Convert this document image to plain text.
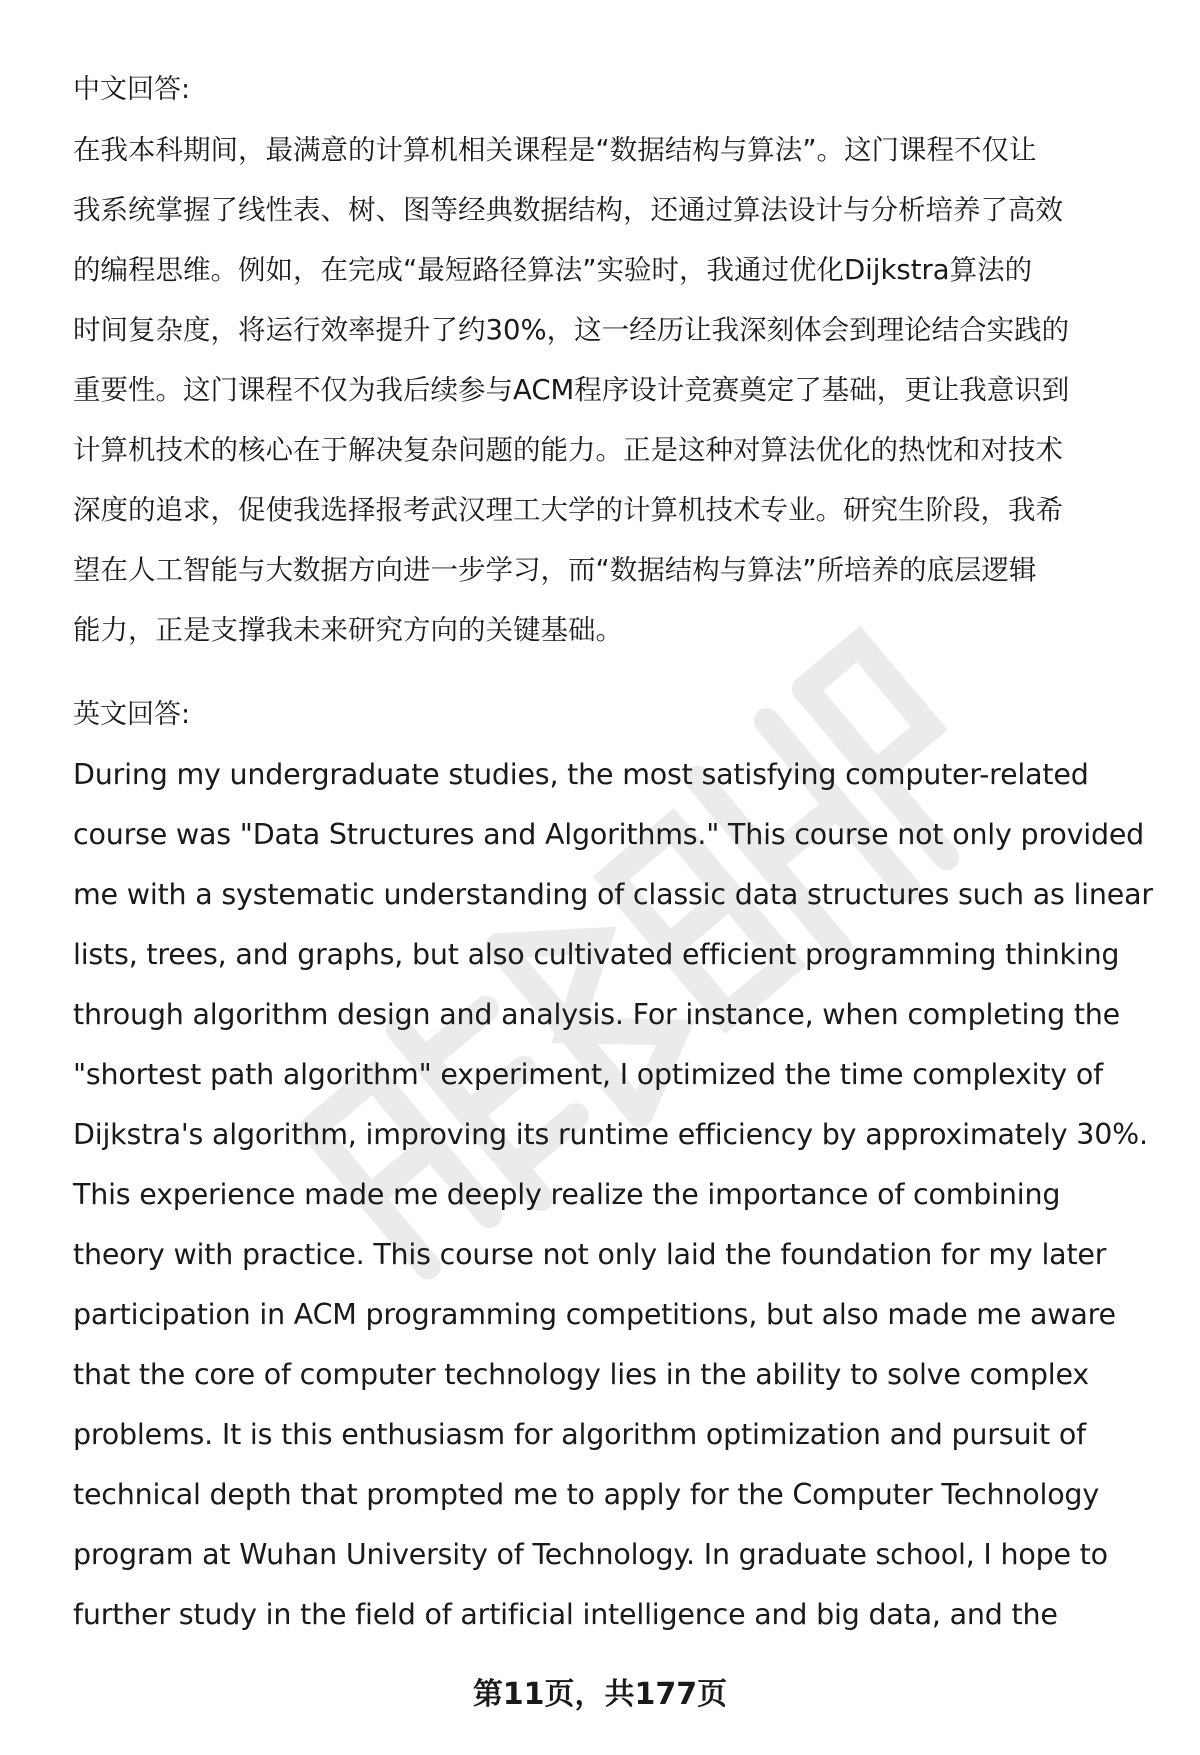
中文回答:
在我本科期间，最满意的计算机相关课程是“数据结构与算法”。这门课程不仅让
我系统掌握了线性表、树、图等经典数据结构，还通过算法设计与分析培养了高效
的编程思维。例如，在完成“最短路径算法”实验时，我通过优化Dijkstra算法的
时间复杂度，将运行效率提升了约30%，这一经历让我深刻体会到理论结合实践的
重要性。这门课程不仅为我后续参与ACM程序设计竞赛奠定了基础，更让我意识到
计算机技术的核心在于解决复杂问题的能力。正是这种对算法优化的热忱和对技术
深度的追求，促使我选择报考武汉理工大学的计算机技术专业。研究生阶段，我希
望在人工智能与大数据方向进一步学习，而“数据结构与算法”所培养的底层逻辑
能力，正是支撑我未来研究方向的关键基础。
英文回答:
During my undergraduate studies, the most satisfying computer-related
course was "Data Structures and Algorithms." This course not only provided
me with a systematic understanding of classic data structures such as linear
lists, trees, and graphs, but also cultivated efficient programming thinking
through algorithm design and analysis. For instance, when completing the
"shortest path algorithm" experiment, I optimized the time complexity of
Dijkstra's algorithm, improving its runtime efficiency by approximately 30%.
This experience made me deeply realize the importance of combining
theory with practice. This course not only laid the foundation for my later
participation in ACM programming competitions, but also made me aware
that the core of computer technology lies in the ability to solve complex
problems. It is this enthusiasm for algorithm optimization and pursuit of
technical depth that prompted me to apply for the Computer Technology
program at Wuhan University of Technology. In graduate school, I hope to
further study in the field of artificial intelligence and big data, and the
第11页，共177页
